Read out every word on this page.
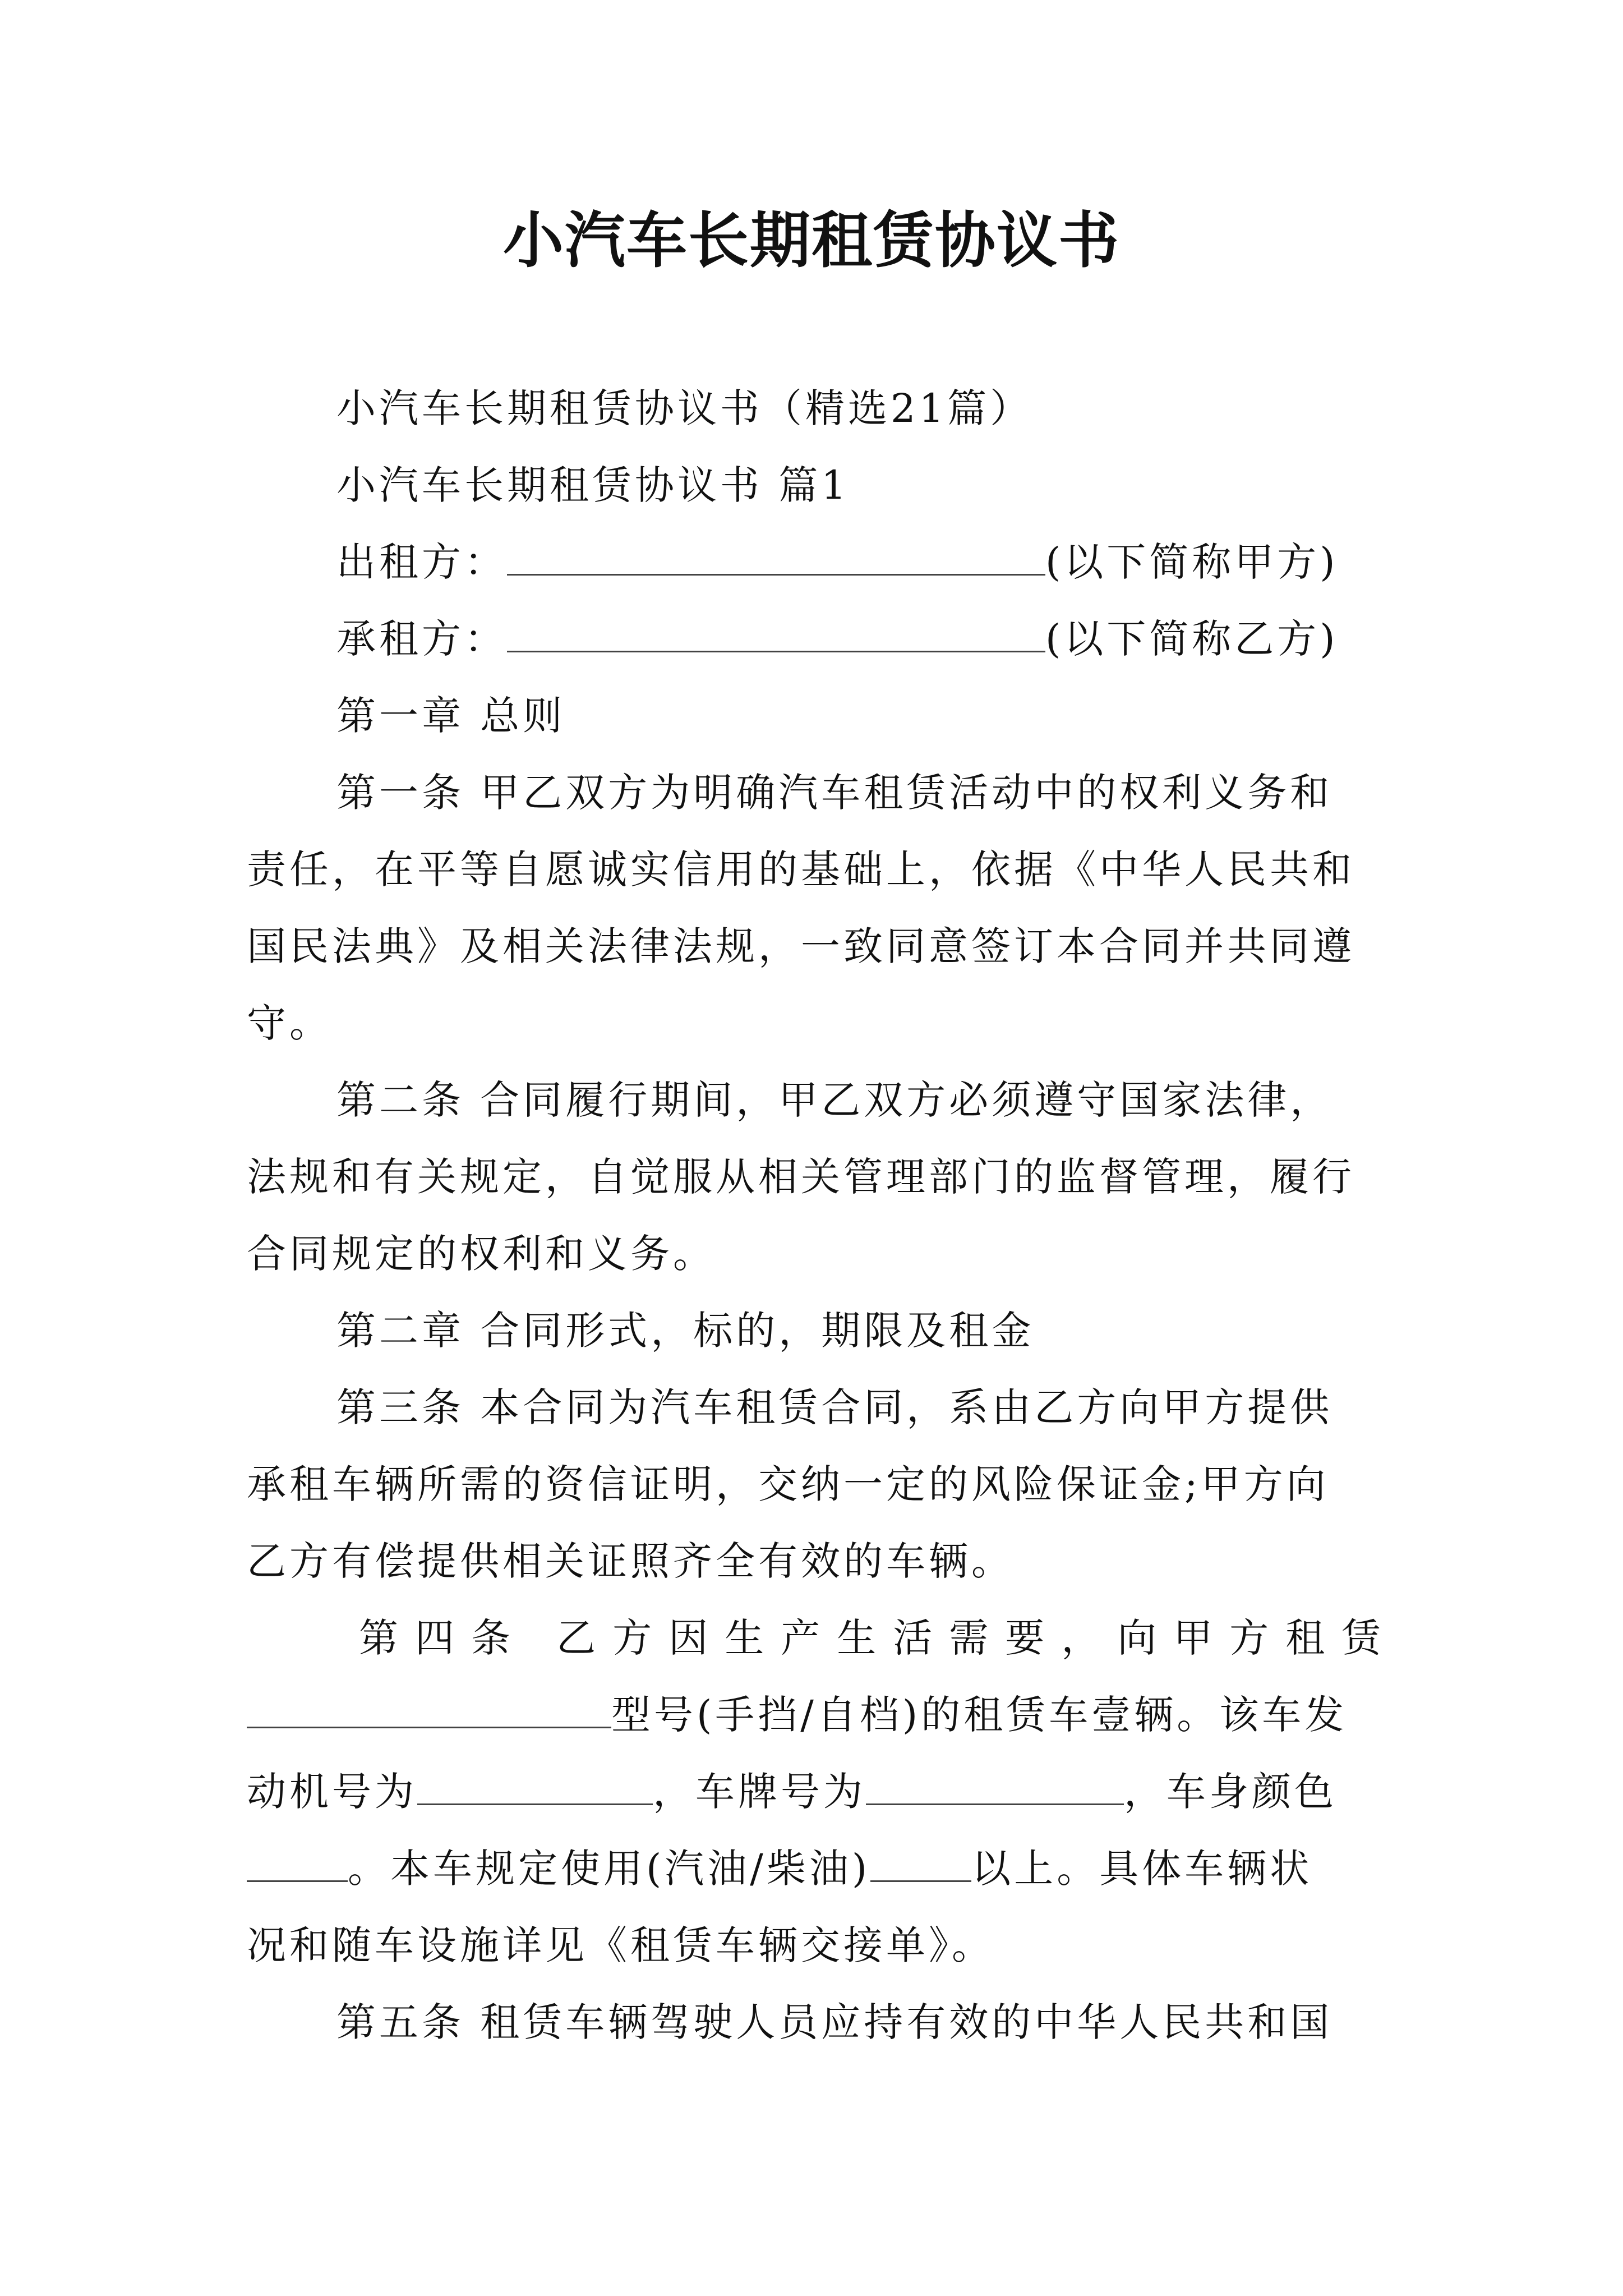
小汽车长期租赁协议书
小汽车长期租赁协议书（精选21篇）
小汽车长期租赁协议书 篇1
出租方：	(以下简称甲方)
承租方：	(以下简称乙方)
第一章 总则
第一条 甲乙双方为明确汽车租赁活动中的权利义务和
责任，在平等自愿诚实信用的基础上，依据《中华人民共和
国民法典》及相关法律法规，一致同意签订本合同并共同遵
守。
第二条 合同履行期间，甲乙双方必须遵守国家法律，
法规和有关规定，自觉服从相关管理部门的监督管理，履行
合同规定的权利和义务。
第二章 合同形式，标的，期限及租金
第三条 本合同为汽车租赁合同，系由乙方向甲方提供
承租车辆所需的资信证明，交纳一定的风险保证金;甲方向
乙方有偿提供相关证照齐全有效的车辆。
第四条 乙方因生产生活需要，向甲方租赁
型号(手挡/自档)的租赁车壹辆。该车发
动机号为	，车牌号为	，车身颜色
。本车规定使用(汽油/柴油)	以上。具体车辆状
况和随车设施详见《租赁车辆交接单》。
第五条 租赁车辆驾驶人员应持有效的中华人民共和国
